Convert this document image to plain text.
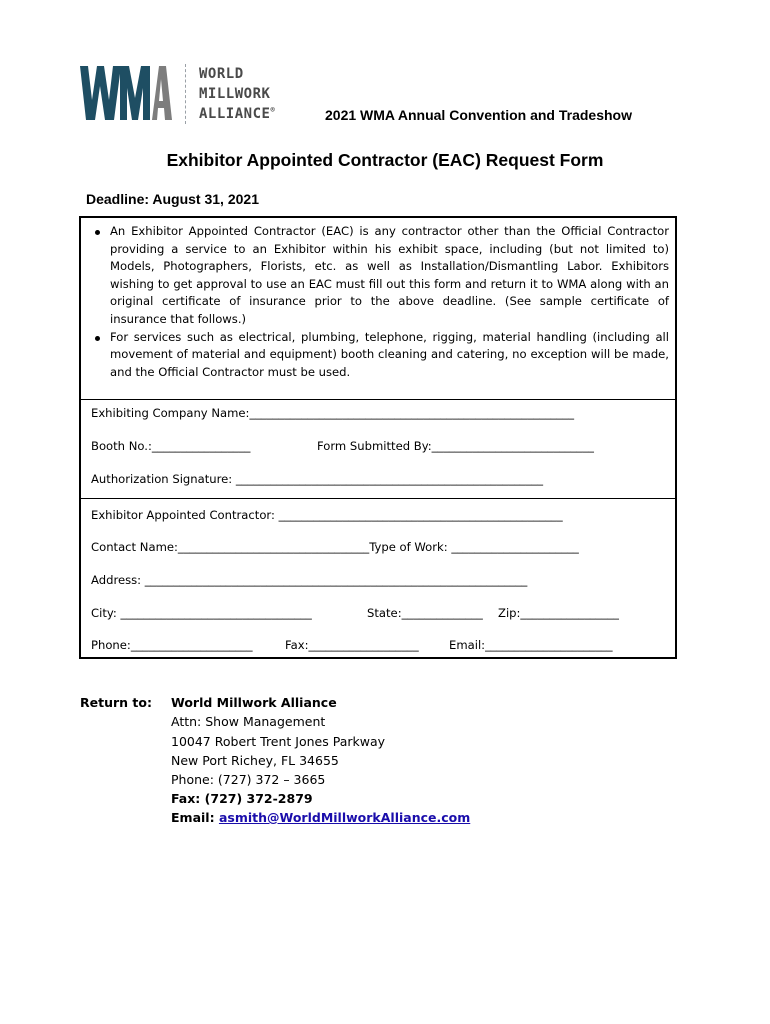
WORLD
MILLWORK
ALLIANCE®	2021 WMA Annual Convention and Tradeshow
Exhibitor Appointed Contractor (EAC) Request Form
Deadline: August 31, 2021
An Exhibitor Appointed Contractor (EAC) is any contractor other than the Official Contractor providing a service to an Exhibitor within his exhibit space, including (but not limited to) Models, Photographers, Florists, etc. as well as Installation/Dismantling Labor. Exhibitors wishing to get approval to use an EAC must fill out this form and return it to WMA along with an original certificate of insurance prior to the above deadline. (See sample certificate of insurance that follows.)
For services such as electrical, plumbing, telephone, rigging, material handling (including all movement of material and equipment) booth cleaning and catering, no exception will be made, and the Official Contractor must be used.
Exhibiting Company Name:________________________________________________________
Booth No.:_________________	Form Submitted By:____________________________
Authorization Signature: _____________________________________________________
Exhibitor Appointed Contractor: _________________________________________________
Contact Name:_________________________________Type of Work: ______________________
Address: __________________________________________________________________
City: _________________________________	State:______________ Zip:_________________
Phone:_____________________	Fax:___________________	Email:______________________
Return to: World Millwork Alliance
Attn: Show Management
10047 Robert Trent Jones Parkway
New Port Richey, FL 34655
Phone: (727) 372 – 3665
Fax: (727) 372-2879
Email: asmith@WorldMillworkAlliance.com
